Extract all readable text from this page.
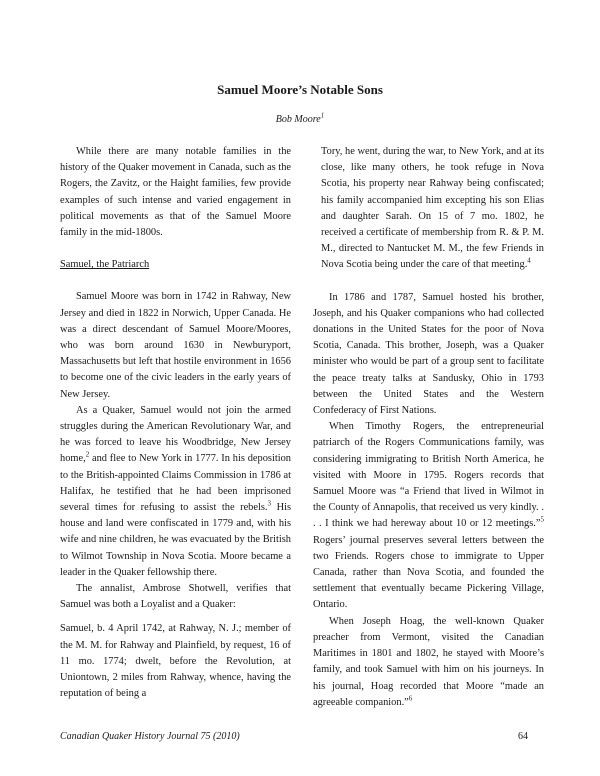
Samuel Moore’s Notable Sons
Bob Moore$^1$

While there are many notable families in the history of the Quaker movement in Canada, such as the Rogers, the Zavitz, or the Haight families, few provide examples of such intense and varied engagement in political movements as that of the Samuel Moore family in the mid-1800s.

Samuel, the Patriarch

Samuel Moore was born in 1742 in Rahway, New Jersey and died in 1822 in Norwich, Upper Canada. He was a direct descendant of Samuel Moore/Moores, who was born around 1630 in Newburyport, Massachusetts but left that hostile environment in 1656 to become one of the civic leaders in the early years of New Jersey.

As a Quaker, Samuel would not join the armed struggles during the American Revolutionary War, and he was forced to leave his Woodbridge, New Jersey home,$^2$ and flee to New York in 1777. In his deposition to the British-appointed Claims Commission in 1786 at Halifax, he testified that he had been imprisoned several times for refusing to assist the rebels.$^3$ His house and land were confiscated in 1779 and, with his wife and nine children, he was evacuated by the British to Wilmot Township in Nova Scotia. Moore became a leader in the Quaker fellowship there.

The annalist, Ambrose Shotwell, verifies that Samuel was both a Loyalist and a Quaker:

Samuel, b. 4 April 1742, at Rahway, N. J.; member of the M. M. for Rahway and Plainfield, by request, 16 of 11 mo. 1774; dwelt, before the Revolution, at Uniontown, 2 miles from Rahway, whence, having the reputation of being a

Tory, he went, during the war, to New York, and at its close, like many others, he took refuge in Nova Scotia, his property near Rahway being confiscated; his family accompanied him excepting his son Elias and daughter Sarah. On 15 of 7 mo. 1802, he received a certificate of membership from R. & P. M. M., directed to Nantucket M. M., the few Friends in Nova Scotia being under the care of that meeting.$^4$

In 1786 and 1787, Samuel hosted his brother, Joseph, and his Quaker companions who had collected donations in the United States for the poor of Nova Scotia, Canada. This brother, Joseph, was a Quaker minister who would be part of a group sent to facilitate the peace treaty talks at Sandusky, Ohio in 1793 between the United States and the Western Confederacy of First Nations.

When Timothy Rogers, the entrepreneurial patriarch of the Rogers Communications family, was considering immigrating to British North America, he visited with Moore in 1795. Rogers records that Samuel Moore was “a Friend that lived in Wilmot in the County of Annapolis, that received us very kindly. . . . I think we had hereway about 10 or 12 meetings.”$^5$ Rogers’ journal preserves several letters between the two Friends. Rogers chose to immigrate to Upper Canada, rather than Nova Scotia, and founded the settlement that eventually became Pickering Village, Ontario.

When Joseph Hoag, the well-known Quaker preacher from Vermont, visited the Canadian Maritimes in 1801 and 1802, he stayed with Moore’s family, and took Samuel with him on his journeys. In his journal, Hoag recorded that Moore “made an agreeable companion.”$^6$

Canadian Quaker History Journal 75 (2010)	64
